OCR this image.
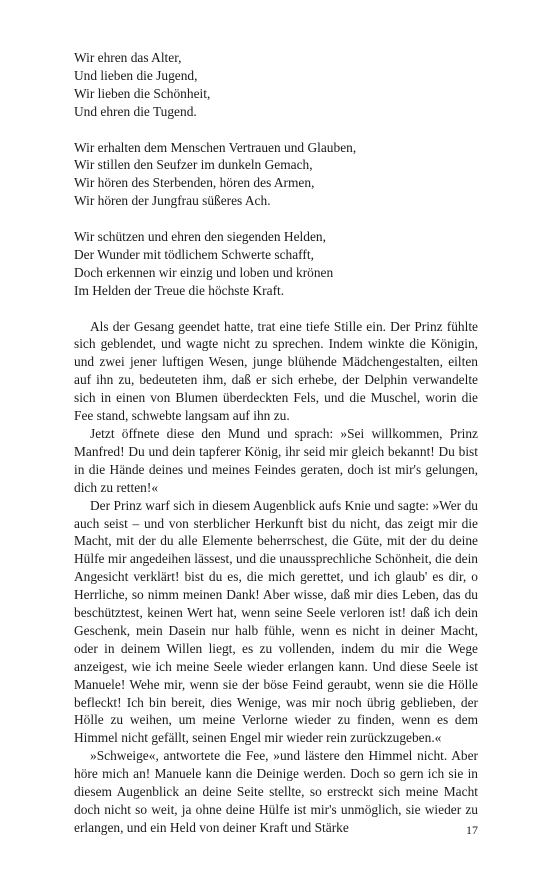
Wir ehren das Alter,
Und lieben die Jugend,
Wir lieben die Schönheit,
Und ehren die Tugend.
Wir erhalten dem Menschen Vertrauen und Glauben,
Wir stillen den Seufzer im dunkeln Gemach,
Wir hören des Sterbenden, hören des Armen,
Wir hören der Jungfrau süßeres Ach.
Wir schützen und ehren den siegenden Helden,
Der Wunder mit tödlichem Schwerte schafft,
Doch erkennen wir einzig und loben und krönen
Im Helden der Treue die höchste Kraft.

Als der Gesang geendet hatte, trat eine tiefe Stille ein. Der Prinz fühlte sich geblendet, und wagte nicht zu sprechen. Indem winkte die Königin, und zwei jener luftigen Wesen, junge blühende Mädchengestalten, eilten auf ihn zu, bedeuteten ihm, daß er sich erhebe, der Delphin verwandelte sich in einen von Blumen überdeckten Fels, und die Muschel, worin die Fee stand, schwebte langsam auf ihn zu.

Jetzt öffnete diese den Mund und sprach: »Sei willkommen, Prinz Manfred! Du und dein tapferer König, ihr seid mir gleich bekannt! Du bist in die Hände deines und meines Feindes geraten, doch ist mir's gelungen, dich zu retten!«

Der Prinz warf sich in diesem Augenblick aufs Knie und sagte: »Wer du auch seist – und von sterblicher Herkunft bist du nicht, das zeigt mir die Macht, mit der du alle Elemente beherrschest, die Güte, mit der du deine Hülfe mir angedeihen lässest, und die unaussprechliche Schönheit, die dein Angesicht verklärt! bist du es, die mich gerettet, und ich glaub' es dir, o Herrliche, so nimm meinen Dank! Aber wisse, daß mir dies Leben, das du beschütztest, keinen Wert hat, wenn seine Seele verloren ist! daß ich dein Geschenk, mein Dasein nur halb fühle, wenn es nicht in deiner Macht, oder in deinem Willen liegt, es zu vollenden, indem du mir die Wege anzeigest, wie ich meine Seele wieder erlangen kann. Und diese Seele ist Manuele! Wehe mir, wenn sie der böse Feind geraubt, wenn sie die Hölle befleckt! Ich bin bereit, dies Wenige, was mir noch übrig geblieben, der Hölle zu weihen, um meine Verlorne wieder zu finden, wenn es dem Himmel nicht gefällt, seinen Engel mir wieder rein zurückzugeben.«

»Schweige«, antwortete die Fee, »und lästere den Himmel nicht. Aber höre mich an! Manuele kann die Deinige werden. Doch so gern ich sie in diesem Augenblick an deine Seite stellte, so erstreckt sich meine Macht doch nicht so weit, ja ohne deine Hülfe ist mir's unmöglich, sie wieder zu erlangen, und ein Held von deiner Kraft und Stärke	17
